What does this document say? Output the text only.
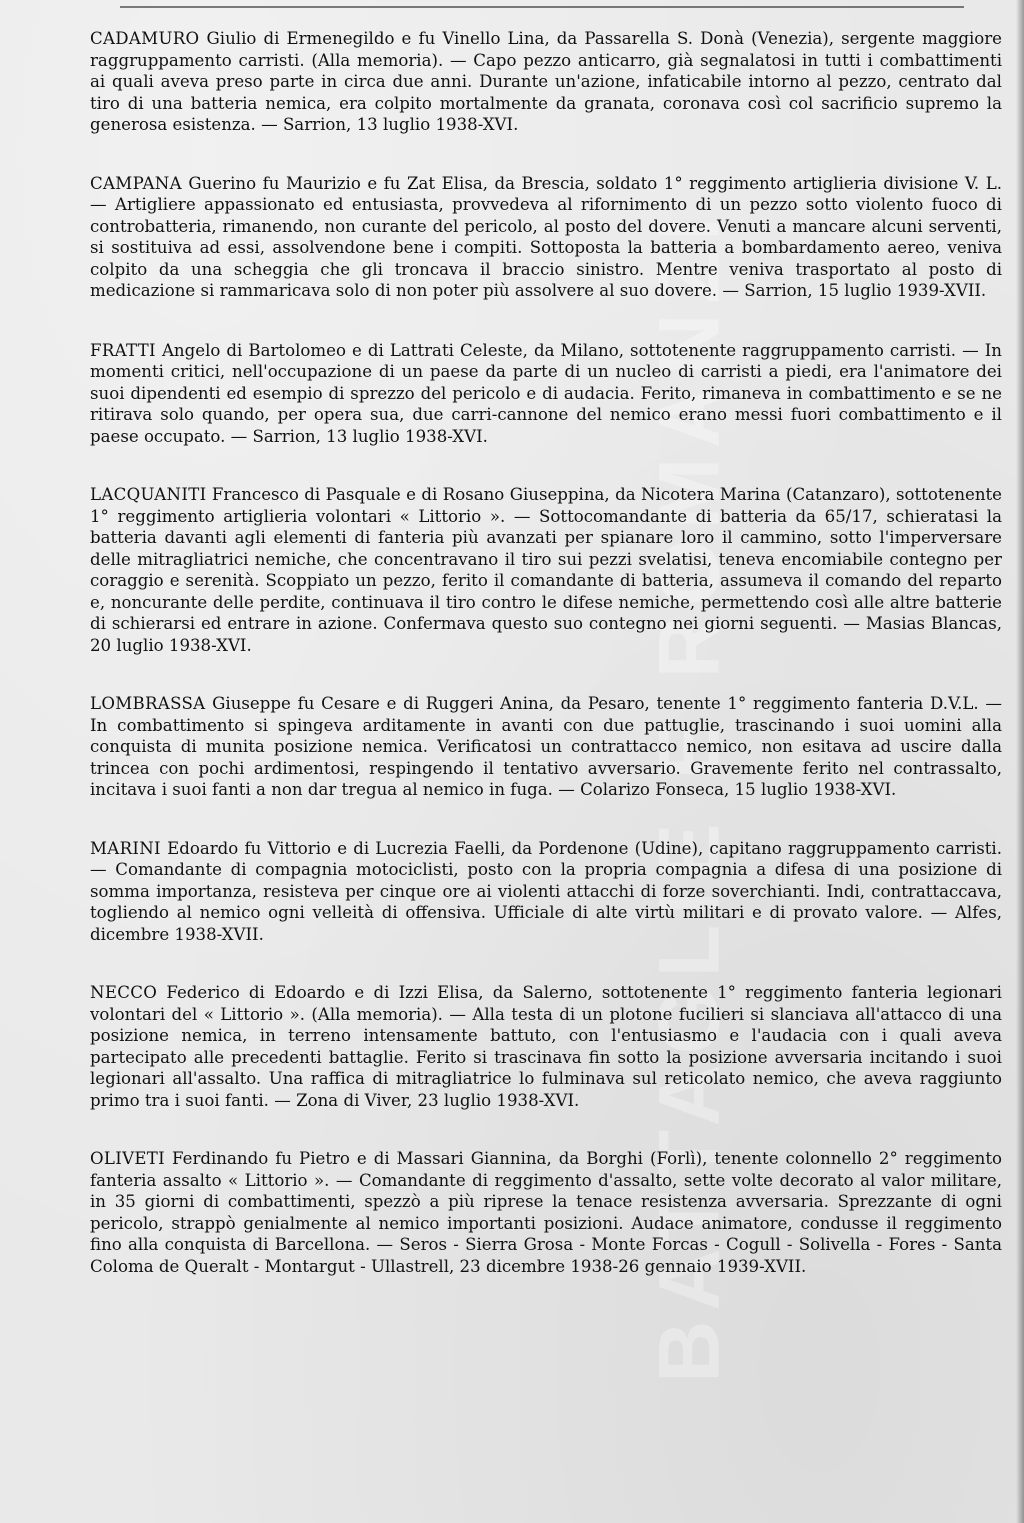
BATTAGLIE E ROMANZI

CADAMURO Giulio di Ermenegildo e fu Vinello Lina, da Passarella S. Donà (Venezia), sergente maggiore raggruppamento carristi. (Alla memoria). — Capo pezzo anticarro, già segnalatosi in tutti i combattimenti ai quali aveva preso parte in circa due anni. Durante un'azione, infaticabile intorno al pezzo, centrato dal tiro di una batteria nemica, era colpito mortalmente da granata, coronava così col sacrificio supremo la generosa esistenza. — Sarrion, 13 luglio 1938-XVI.

CAMPANA Guerino fu Maurizio e fu Zat Elisa, da Brescia, soldato 1° reggimento artiglieria divisione V. L. — Artigliere appassionato ed entusiasta, provvedeva al rifornimento di un pezzo sotto violento fuoco di controbatteria, rimanendo, non curante del pericolo, al posto del dovere. Venuti a mancare alcuni serventi, si sostituiva ad essi, assolvendone bene i compiti. Sottoposta la batteria a bombardamento aereo, veniva colpito da una scheggia che gli troncava il braccio sinistro. Mentre veniva trasportato al posto di medicazione si rammaricava solo di non poter più assolvere al suo dovere. — Sarrion, 15 luglio 1939-XVII.

FRATTI Angelo di Bartolomeo e di Lattrati Celeste, da Milano, sottotenente raggruppamento carristi. — In momenti critici, nell'occupazione di un paese da parte di un nucleo di carristi a piedi, era l'animatore dei suoi dipendenti ed esempio di sprezzo del pericolo e di audacia. Ferito, rimaneva in combattimento e se ne ritirava solo quando, per opera sua, due carri-cannone del nemico erano messi fuori combattimento e il paese occupato. — Sarrion, 13 luglio 1938-XVI.

LACQUANITI Francesco di Pasquale e di Rosano Giuseppina, da Nicotera Marina (Catanzaro), sottotenente 1° reggimento artiglieria volontari « Littorio ». — Sottocomandante di batteria da 65/17, schieratasi la batteria davanti agli elementi di fanteria più avanzati per spianare loro il cammino, sotto l'imperversare delle mitragliatrici nemiche, che concentravano il tiro sui pezzi svelatisi, teneva encomiabile contegno per coraggio e serenità. Scoppiato un pezzo, ferito il comandante di batteria, assumeva il comando del reparto e, noncurante delle perdite, continuava il tiro contro le difese nemiche, permettendo così alle altre batterie di schierarsi ed entrare in azione. Confermava questo suo contegno nei giorni seguenti. — Masias Blancas, 20 luglio 1938-XVI.

LOMBRASSA Giuseppe fu Cesare e di Ruggeri Anina, da Pesaro, tenente 1° reggimento fanteria D.V.L. — In combattimento si spingeva arditamente in avanti con due pattuglie, trascinando i suoi uomini alla conquista di munita posizione nemica. Verificatosi un contrattacco nemico, non esitava ad uscire dalla trincea con pochi ardimentosi, respingendo il tentativo avversario. Gravemente ferito nel contrassalto, incitava i suoi fanti a non dar tregua al nemico in fuga. — Colarizo Fonseca, 15 luglio 1938-XVI.

MARINI Edoardo fu Vittorio e di Lucrezia Faelli, da Pordenone (Udine), capitano raggruppamento carristi. — Comandante di compagnia motociclisti, posto con la propria compagnia a difesa di una posizione di somma importanza, resisteva per cinque ore ai violenti attacchi di forze soverchianti. Indi, contrattaccava, togliendo al nemico ogni velleità di offensiva. Ufficiale di alte virtù militari e di provato valore. — Alfes, dicembre 1938-XVII.

NECCO Federico di Edoardo e di Izzi Elisa, da Salerno, sottotenente 1° reggimento fanteria legionari volontari del « Littorio ». (Alla memoria). — Alla testa di un plotone fucilieri si slanciava all'attacco di una posizione nemica, in terreno intensamente battuto, con l'entusiasmo e l'audacia con i quali aveva partecipato alle precedenti battaglie. Ferito si trascinava fin sotto la posizione avversaria incitando i suoi legionari all'assalto. Una raffica di mitragliatrice lo fulminava sul reticolato nemico, che aveva raggiunto primo tra i suoi fanti. — Zona di Viver, 23 luglio 1938-XVI.

OLIVETI Ferdinando fu Pietro e di Massari Giannina, da Borghi (Forlì), tenente colonnello 2° reggimento fanteria assalto « Littorio ». — Comandante di reggimento d'assalto, sette volte decorato al valor militare, in 35 giorni di combattimenti, spezzò a più riprese la tenace resistenza avversaria. Sprezzante di ogni pericolo, strappò genialmente al nemico importanti posizioni. Audace animatore, condusse il reggimento fino alla conquista di Barcellona. — Seros - Sierra Grosa - Monte Forcas - Cogull - Solivella - Fores - Santa Coloma de Queralt - Montargut - Ullastrell, 23 dicembre 1938-26 gennaio 1939-XVII.
